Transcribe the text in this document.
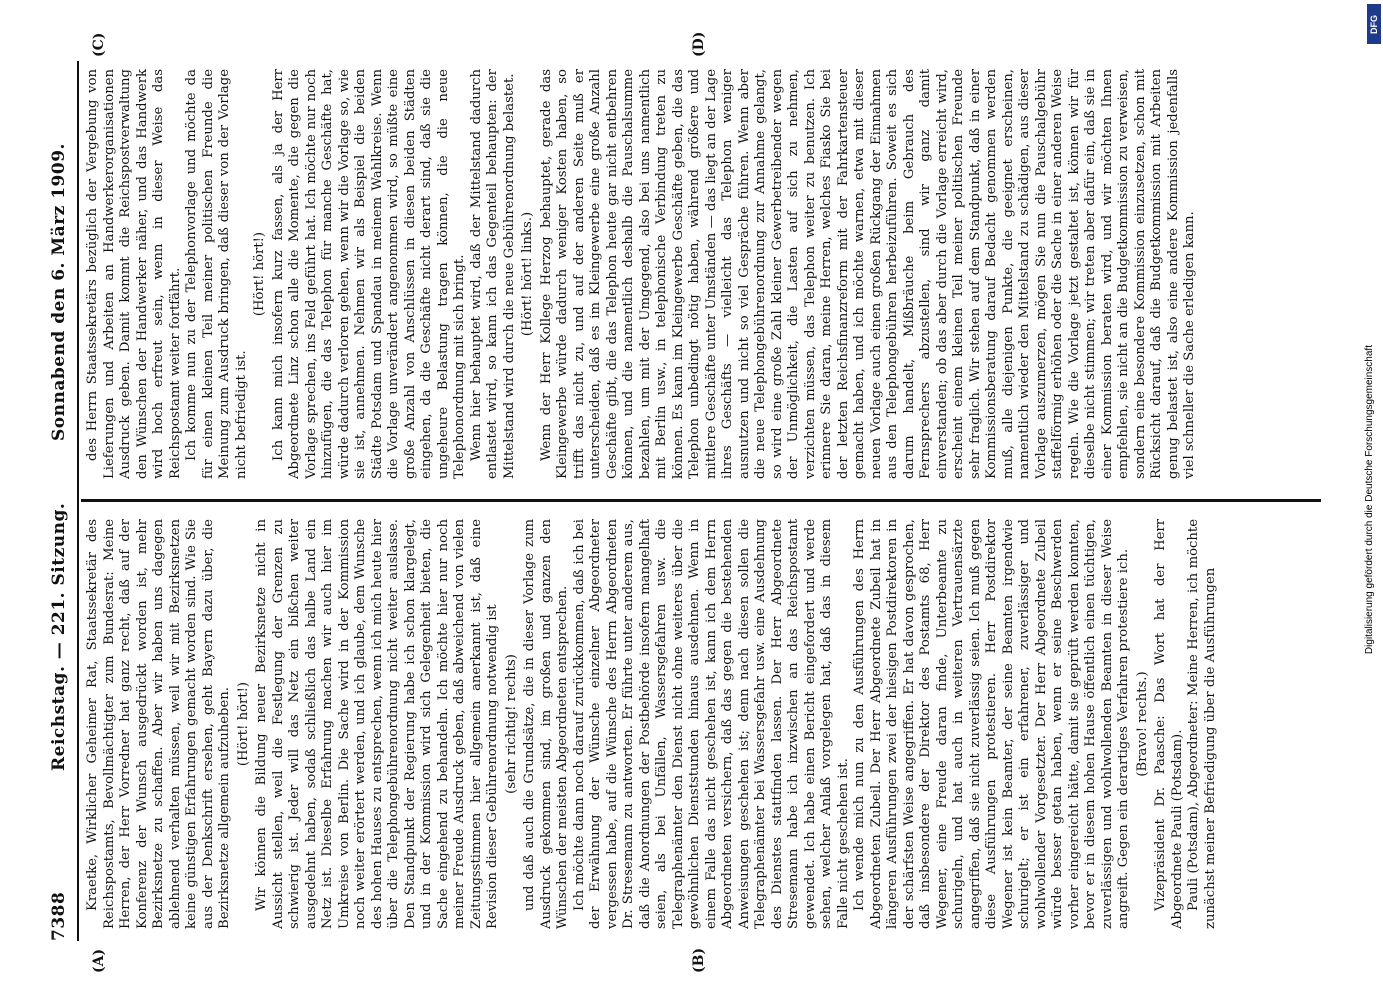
7388
Reichstag. — 221. Sitzung.
Sonnabend den 6. März 1909.

Kraetke, Wirklicher Geheimer Rat, Staatssekretär des Reichspostamts, Bevollmächtigter zum Bundesrat: Meine Herren, der Herr Vorredner hat ganz recht, daß auf der Konferenz der Wunsch ausgedrückt worden ist, mehr Bezirksnetze zu schaffen. Aber wir haben uns dagegen ablehnend verhalten müssen, weil wir mit Bezirksnetzen keine günstigen Erfahrungen gemacht worden sind. Wie Sie aus der Denkschrift ersehen, geht Bayern dazu über, die Bezirksnetze allgemein aufzuheben. (Hört! hört!) Wir können die Bildung neuer Bezirksnetze nicht in Aussicht stellen, weil die Festlegung der Grenzen zu schwierig ist. Jeder will das Netz ein bißchen weiter ausgedehnt haben, sodaß schließlich das halbe Land ein Netz ist. Dieselbe Erfahrung machen wir auch hier im Umkreise von Berlin. Die Sache wird in der Kommission noch weiter erörtert werden, und ich glaube, dem Wunsche des hohen Hauses zu entsprechen, wenn ich mich heute hier über die Telephongebührenordnung nicht weiter auslasse. Den Standpunkt der Regierung habe ich schon klargelegt, und in der Kommission wird sich Gelegenheit bieten, die Sache eingehend zu behandeln. Ich möchte hier nur noch meiner Freude Ausdruck geben, daß abweichend von vielen Zeitungsstimmen hier allgemein anerkannt ist, daß eine Revision dieser Gebührenordnung notwendig ist (sehr richtig! rechts) und daß auch die Grundsätze, die in dieser Vorlage zum Ausdruck gekommen sind, im großen und ganzen den Wünschen der meisten Abgeordneten entsprechen. Ich möchte dann noch darauf zurückkommen, daß ich bei der Erwähnung der Wünsche einzelner Abgeordneter vergessen habe, auf die Wünsche des Herrn Abgeordneten Dr. Stresemann zu antworten. Er führte unter anderem aus, daß die Anordnungen der Postbehörde insofern mangelhaft seien, als bei Unfällen, Wassersgefahren usw. die Telegraphenämter den Dienst nicht ohne weiteres über die gewöhnlichen Dienststunden hinaus ausdehnen. Wenn in einem Falle das nicht geschehen ist, kann ich dem Herrn Abgeordneten versichern, daß das gegen die bestehenden Anweisungen geschehen ist; denn nach diesen sollen die Telegraphenämter bei Wassersgefahr usw. eine Ausdehnung des Dienstes stattfinden lassen. Der Herr Abgeordnete Stresemann habe ich inzwischen an das Reichspostamt gewendet. Ich habe einen Bericht eingefordert und werde sehen, welcher Anlaß vorgelegen hat, daß das in diesem Falle nicht geschehen ist. Ich wende mich nun zu den Ausführungen des Herrn Abgeordneten Zubeil. Der Herr Abgeordnete Zubeil hat in längeren Ausführungen zwei der hiesigen Postdirektoren in der schärfsten Weise angegriffen. Er hat davon gesprochen, daß insbesondere der Direktor des Postamts 68, Herr Wegener, eine Freude daran finde, Unterbeamte zu schurigeln, und hat auch in weiteren Vertrauensärzte angegriffen, daß sie nicht zuverlässig seien. Ich muß gegen diese Ausführungen protestieren. Herr Postdirektor Wegener ist kein Beamter, der seine Beamten irgendwie schurigelt; er ist ein erfahrener, zuverlässiger und wohlwollender Vorgesetzter. Der Herr Abgeordnete Zubeil würde besser getan haben, wenn er seine Beschwerden vorher eingereicht hätte, damit sie geprüft werden konnten, bevor er in diesem hohen Hause öffentlich einen tüchtigen, zuverlässigen und wohlwollenden Beamten in dieser Weise angreift. Gegen ein derartiges Verfahren protestiere ich. (Bravo! rechts.) Vizepräsident Dr. Paasche: Das Wort hat der Herr Abgeordnete Pauli (Potsdam). Pauli (Potsdam), Abgeordneter: Meine Herren, ich möchte zunächst meiner Befriedigung über die Ausführungen

des Herrn Staatssekretärs bezüglich der Vergebung von Lieferungen und Arbeiten an Handwerkerorganisationen Ausdruck geben. Damit kommt die Reichspostverwaltung den Wünschen der Handwerker näher, und das Handwerk wird hoch erfreut sein, wenn in dieser Weise das Reichspostamt weiter fortfährt. Ich komme nun zu der Telephonvorlage und möchte da für einen kleinen Teil meiner politischen Freunde die Meinung zum Ausdruck bringen, daß dieser von der Vorlage nicht befriedigt ist.

(Hört! hört!) Ich kann mich insofern kurz fassen, als ja der Herr Abgeordnete Linz schon alle die Momente, die gegen die Vorlage sprechen, ins Feld geführt hat. Ich möchte nur noch hinzufügen, die das Telephon für manche Geschäfte hat, würde dadurch verloren gehen, wenn wir die Vorlage so, wie sie ist, annehmen. Nehmen wir als Beispiel die beiden Städte Potsdam und Spandau in meinem Wahlkreise. Wenn die Vorlage unverändert angenommen wird, so müßte eine große Anzahl von Anschlüssen in diesen beiden Städten eingehen, da die Geschäfte nicht derart sind, daß sie die ungeheure Belastung tragen können, die die neue Telephonordnung mit sich bringt. Wenn hier behauptet wird, daß der Mittelstand dadurch entlastet wird, so kann ich das Gegenteil behaupten: der Mittelstand wird durch die neue Gebührenordnung belastet. (Hört! hört! links.) Wenn der Herr Kollege Herzog behauptet, gerade das Kleingewerbe würde dadurch weniger Kosten haben, so trifft das nicht zu, und auf der anderen Seite muß er unterscheiden, daß es im Kleingewerbe eine große Anzahl Geschäfte gibt, die das Telephon heute gar nicht entbehren können, und die namentlich deshalb die Pauschalsumme bezahlen, um mit der Umgegend, also bei uns namentlich mit Berlin usw., in telephonische Verbindung treten zu können. Es kann im Kleingewerbe Geschäfte geben, die das Telephon unbedingt nötig haben, während größere und mittlere Geschäfte unter Umständen — das liegt an der Lage ihres Geschäfts — vielleicht das Telephon weniger ausnutzen und nicht so viel Gespräche führen. Wenn aber die neue Telephongebührenordnung zur Annahme gelangt, so wird eine große Zahl kleiner Gewerbetreibender wegen der Unmöglichkeit, die Lasten auf sich zu nehmen, verzichten müssen, das Telephon weiter zu benutzen. Ich erinnere Sie daran, meine Herren, welches Fiasko Sie bei der letzten Reichsfinanzreform mit der Fahrkartensteuer gemacht haben, und ich möchte warnen, etwa mit dieser neuen Vorlage auch einen großen Rückgang der Einnahmen aus den Telephongebühren herbeizuführen. Soweit es sich darum handelt, Mißbräuche beim Gebrauch des Fernsprechers abzustellen, sind wir ganz damit einverstanden; ob das aber durch die Vorlage erreicht wird, erscheint einem kleinen Teil meiner politischen Freunde sehr fraglich. Wir stehen auf dem Standpunkt, daß in einer Kommissionsberatung darauf Bedacht genommen werden muß, alle diejenigen Punkte, die geeignet erscheinen, namentlich wieder den Mittelstand zu schädigen, aus dieser Vorlage auszumerzen, mögen Sie nun die Pauschalgebühr staffelförmig erhöhen oder die Sache in einer anderen Weise regeln. Wie die Vorlage jetzt gestaltet ist, können wir für dieselbe nicht stimmen; wir treten aber dafür ein, daß sie in einer Kommission beraten wird, und wir möchten Ihnen empfehlen, sie nicht an die Budgetkommission zu verweisen, sondern eine besondere Kommission einzusetzen, schon mit Rücksicht darauf, daß die Budgetkommission mit Arbeiten genug belastet ist, also eine andere Kommission jedenfalls viel schneller die Sache erledigen kann.

(A)	(B)
(C)	(D)
DFG
Digitalisierung gefördert durch die Deutsche Forschungsgemeinschaft
